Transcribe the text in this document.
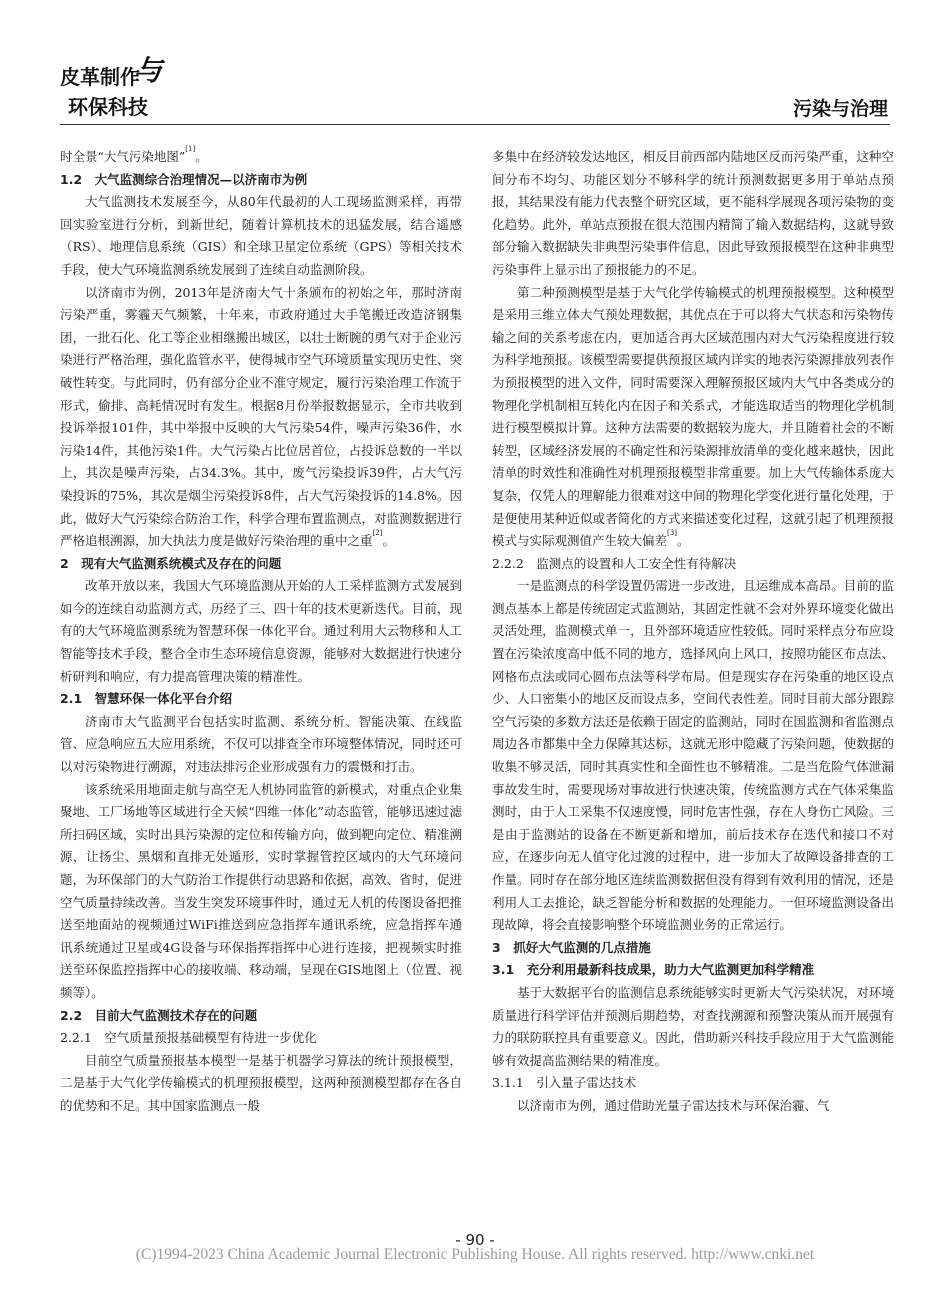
皮革制作
与
环保科技	污染与治理

时全景“大气污染地图”[1]。

1.2　大气监测综合治理情况—以济南市为例

大气监测技术发展至今，从80年代最初的人工现场监测采样，再带回实验室进行分析，到新世纪，随着计算机技术的迅猛发展，结合遥感（RS）、地理信息系统（GIS）和全球卫星定位系统（GPS）等相关技术手段，使大气环境监测系统发展到了连续自动监测阶段。

以济南市为例，2013年是济南大气十条颁布的初始之年，那时济南污染严重，雾霾天气频繁，十年来，市政府通过大手笔搬迁改造济钢集团，一批石化、化工等企业相继搬出城区，以壮士断腕的勇气对于企业污染进行严格治理，强化监管水平，使得城市空气环境质量实现历史性、突破性转变。与此同时，仍有部分企业不准守规定，履行污染治理工作流于形式，偷排、高耗情况时有发生。根据8月份举报数据显示，全市共收到投诉举报101件，其中举报中反映的大气污染54件，噪声污染36件，水污染14件，其他污染1件。大气污染占比位居首位，占投诉总数的一半以上，其次是噪声污染，占34.3%。其中，废气污染投诉39件，占大气污染投诉的75%，其次是烟尘污染投诉8件，占大气污染投诉的14.8%。因此，做好大气污染综合防治工作，科学合理布置监测点，对监测数据进行严格追根溯源，加大执法力度是做好污染治理的重中之重[2]。

2　现有大气监测系统模式及存在的问题

改革开放以来，我国大气环境监测从开始的人工采样监测方式发展到如今的连续自动监测方式，历经了三、四十年的技术更新迭代。目前，现有的大气环境监测系统为智慧环保一体化平台。通过利用大云物移和人工智能等技术手段，整合全市生态环境信息资源，能够对大数据进行快速分析研判和响应，有力提高管理决策的精准性。

2.1　智慧环保一体化平台介绍

济南市大气监测平台包括实时监测、系统分析、智能决策、在线监管、应急响应五大应用系统，不仅可以排查全市环境整体情况，同时还可以对污染物进行溯源，对违法排污企业形成强有力的震慑和打击。

该系统采用地面走航与高空无人机协同监管的新模式，对重点企业集聚地、工厂场地等区域进行全天候“四维一体化”动态监管，能够迅速过滤所扫码区域，实时出具污染源的定位和传输方向，做到靶向定位、精准溯源，让扬尘、黑烟和直排无处遁形，实时掌握管控区域内的大气环境问题，为环保部门的大气防治工作提供行动思路和依据，高效、省时，促进空气质量持续改善。当发生突发环境事件时，通过无人机的传图设备把推送至地面站的视频通过WiFi推送到应急指挥车通讯系统，应急指挥车通讯系统通过卫星或4G设备与环保指挥指挥中心进行连接，把视频实时推送至环保监控指挥中心的接收端、移动端，呈现在GIS地图上（位置、视频等）。

2.2　目前大气监测技术存在的问题
2.2.1　空气质量预报基础模型有待进一步优化

目前空气质量预报基本模型一是基于机器学习算法的统计预报模型，二是基于大气化学传输模式的机理预报模型，这两种预测模型都存在各自的优势和不足。其中国家监测点一般

多集中在经济较发达地区，相反目前西部内陆地区反而污染严重，这种空间分布不均匀、功能区划分不够科学的统计预测数据更多用于单站点预报，其结果没有能力代表整个研究区域，更不能科学展现各项污染物的变化趋势。此外，单站点预报在很大范围内精简了输入数据结构，这就导致部分输入数据缺失非典型污染事件信息，因此导致预报模型在这种非典型污染事件上显示出了预报能力的不足。

第二种预测模型是基于大气化学传输模式的机理预报模型。这种模型是采用三维立体大气预处理数据，其优点在于可以将大气状态和污染物传输之间的关系考虑在内，更加适合再大区域范围内对大气污染程度进行较为科学地预报。该模型需要提供预报区域内详实的地表污染源排放列表作为预报模型的进入文件，同时需要深入理解预报区域内大气中各类成分的物理化学机制相互转化内在因子和关系式，才能选取适当的物理化学机制进行模型模拟计算。这种方法需要的数据较为庞大，并且随着社会的不断转型，区域经济发展的不确定性和污染源排放清单的变化越来越快，因此清单的时效性和准确性对机理预报模型非常重要。加上大气传输体系庞大复杂，仅凭人的理解能力很难对这中间的物理化学变化进行量化处理，于是便使用某种近似或者简化的方式来描述变化过程，这就引起了机理预报模式与实际观测值产生较大偏差[3]。

2.2.2　监测点的设置和人工安全性有待解决

一是监测点的科学设置仍需进一步改进，且运维成本高昂。目前的监测点基本上都是传统固定式监测站，其固定性就不会对外界环境变化做出灵活处理，监测模式单一，且外部环境适应性较低。同时采样点分布应设置在污染浓度高中低不同的地方，选择风向上风口，按照功能区布点法、网格布点法或同心圆布点法等科学布局。但是现实存在污染重的地区设点少、人口密集小的地区反而设点多，空间代表性差。同时目前大部分跟踪空气污染的多数方法还是依赖于固定的监测站，同时在国监测和省监测点周边各市都集中全力保障其达标，这就无形中隐藏了污染问题，使数据的收集不够灵活，同时其真实性和全面性也不够精准。二是当危险气体泄漏事故发生时，需要现场对事故进行快速决策，传统监测方式在气体采集监测时，由于人工采集不仅速度慢，同时危害性强，存在人身伤亡风险。三是由于监测站的设备在不断更新和增加，前后技术存在迭代和接口不对应，在逐步向无人值守化过渡的过程中，进一步加大了故障设备排查的工作量。同时存在部分地区连续监测数据但没有得到有效利用的情况，还是利用人工去推论，缺乏智能分析和数据的处理能力。一但环境监测设备出现故障，将会直接影响整个环境监测业务的正常运行。

3　抓好大气监测的几点措施
3.1　充分利用最新科技成果，助力大气监测更加科学精准

基于大数据平台的监测信息系统能够实时更新大气污染状况，对环境质量进行科学评估并预测后期趋势，对查找溯源和预警决策从而开展强有力的联防联控具有重要意义。因此，借助新兴科技手段应用于大气监测能够有效提高监测结果的精准度。

3.1.1　引入量子雷达技术

以济南市为例，通过借助光量子雷达技术与环保治霾、气

- 90 -
(C)1994-2023 China Academic Journal Electronic Publishing House. All rights reserved. http://www.cnki.net
